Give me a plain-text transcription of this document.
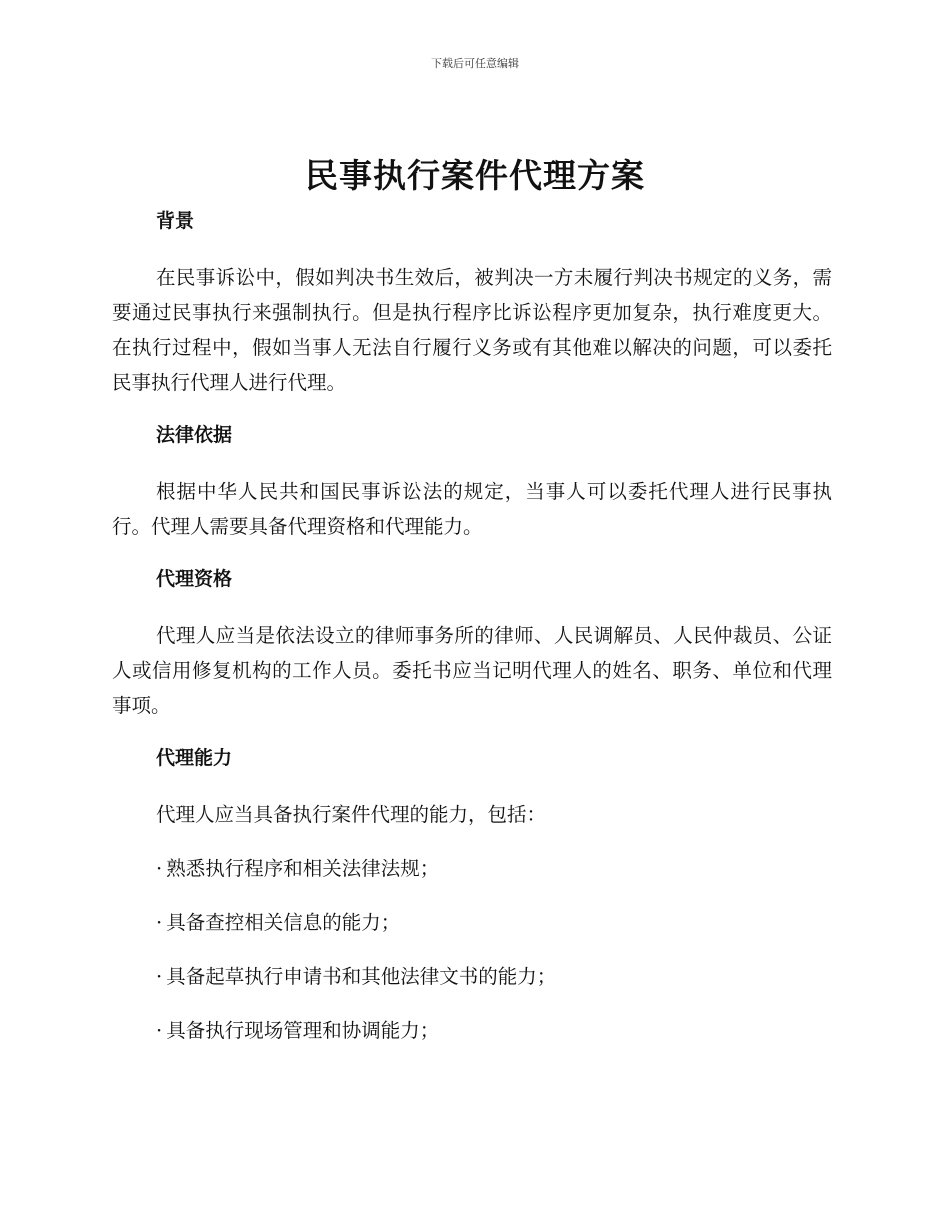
下载后可任意编辑
民事执行案件代理方案

背景

在民事诉讼中，假如判决书生效后，被判决一方未履行判决书规定的义务，需要通过民事执行来强制执行。但是执行程序比诉讼程序更加复杂，执行难度更大。在执行过程中，假如当事人无法自行履行义务或有其他难以解决的问题，可以委托民事执行代理人进行代理。

法律依据

根据中华人民共和国民事诉讼法的规定，当事人可以委托代理人进行民事执行。代理人需要具备代理资格和代理能力。

代理资格

代理人应当是依法设立的律师事务所的律师、人民调解员、人民仲裁员、公证人或信用修复机构的工作人员。委托书应当记明代理人的姓名、职务、单位和代理事项。

代理能力

代理人应当具备执行案件代理的能力，包括：

· 熟悉执行程序和相关法律法规；

· 具备查控相关信息的能力；

· 具备起草执行申请书和其他法律文书的能力；

· 具备执行现场管理和协调能力；
